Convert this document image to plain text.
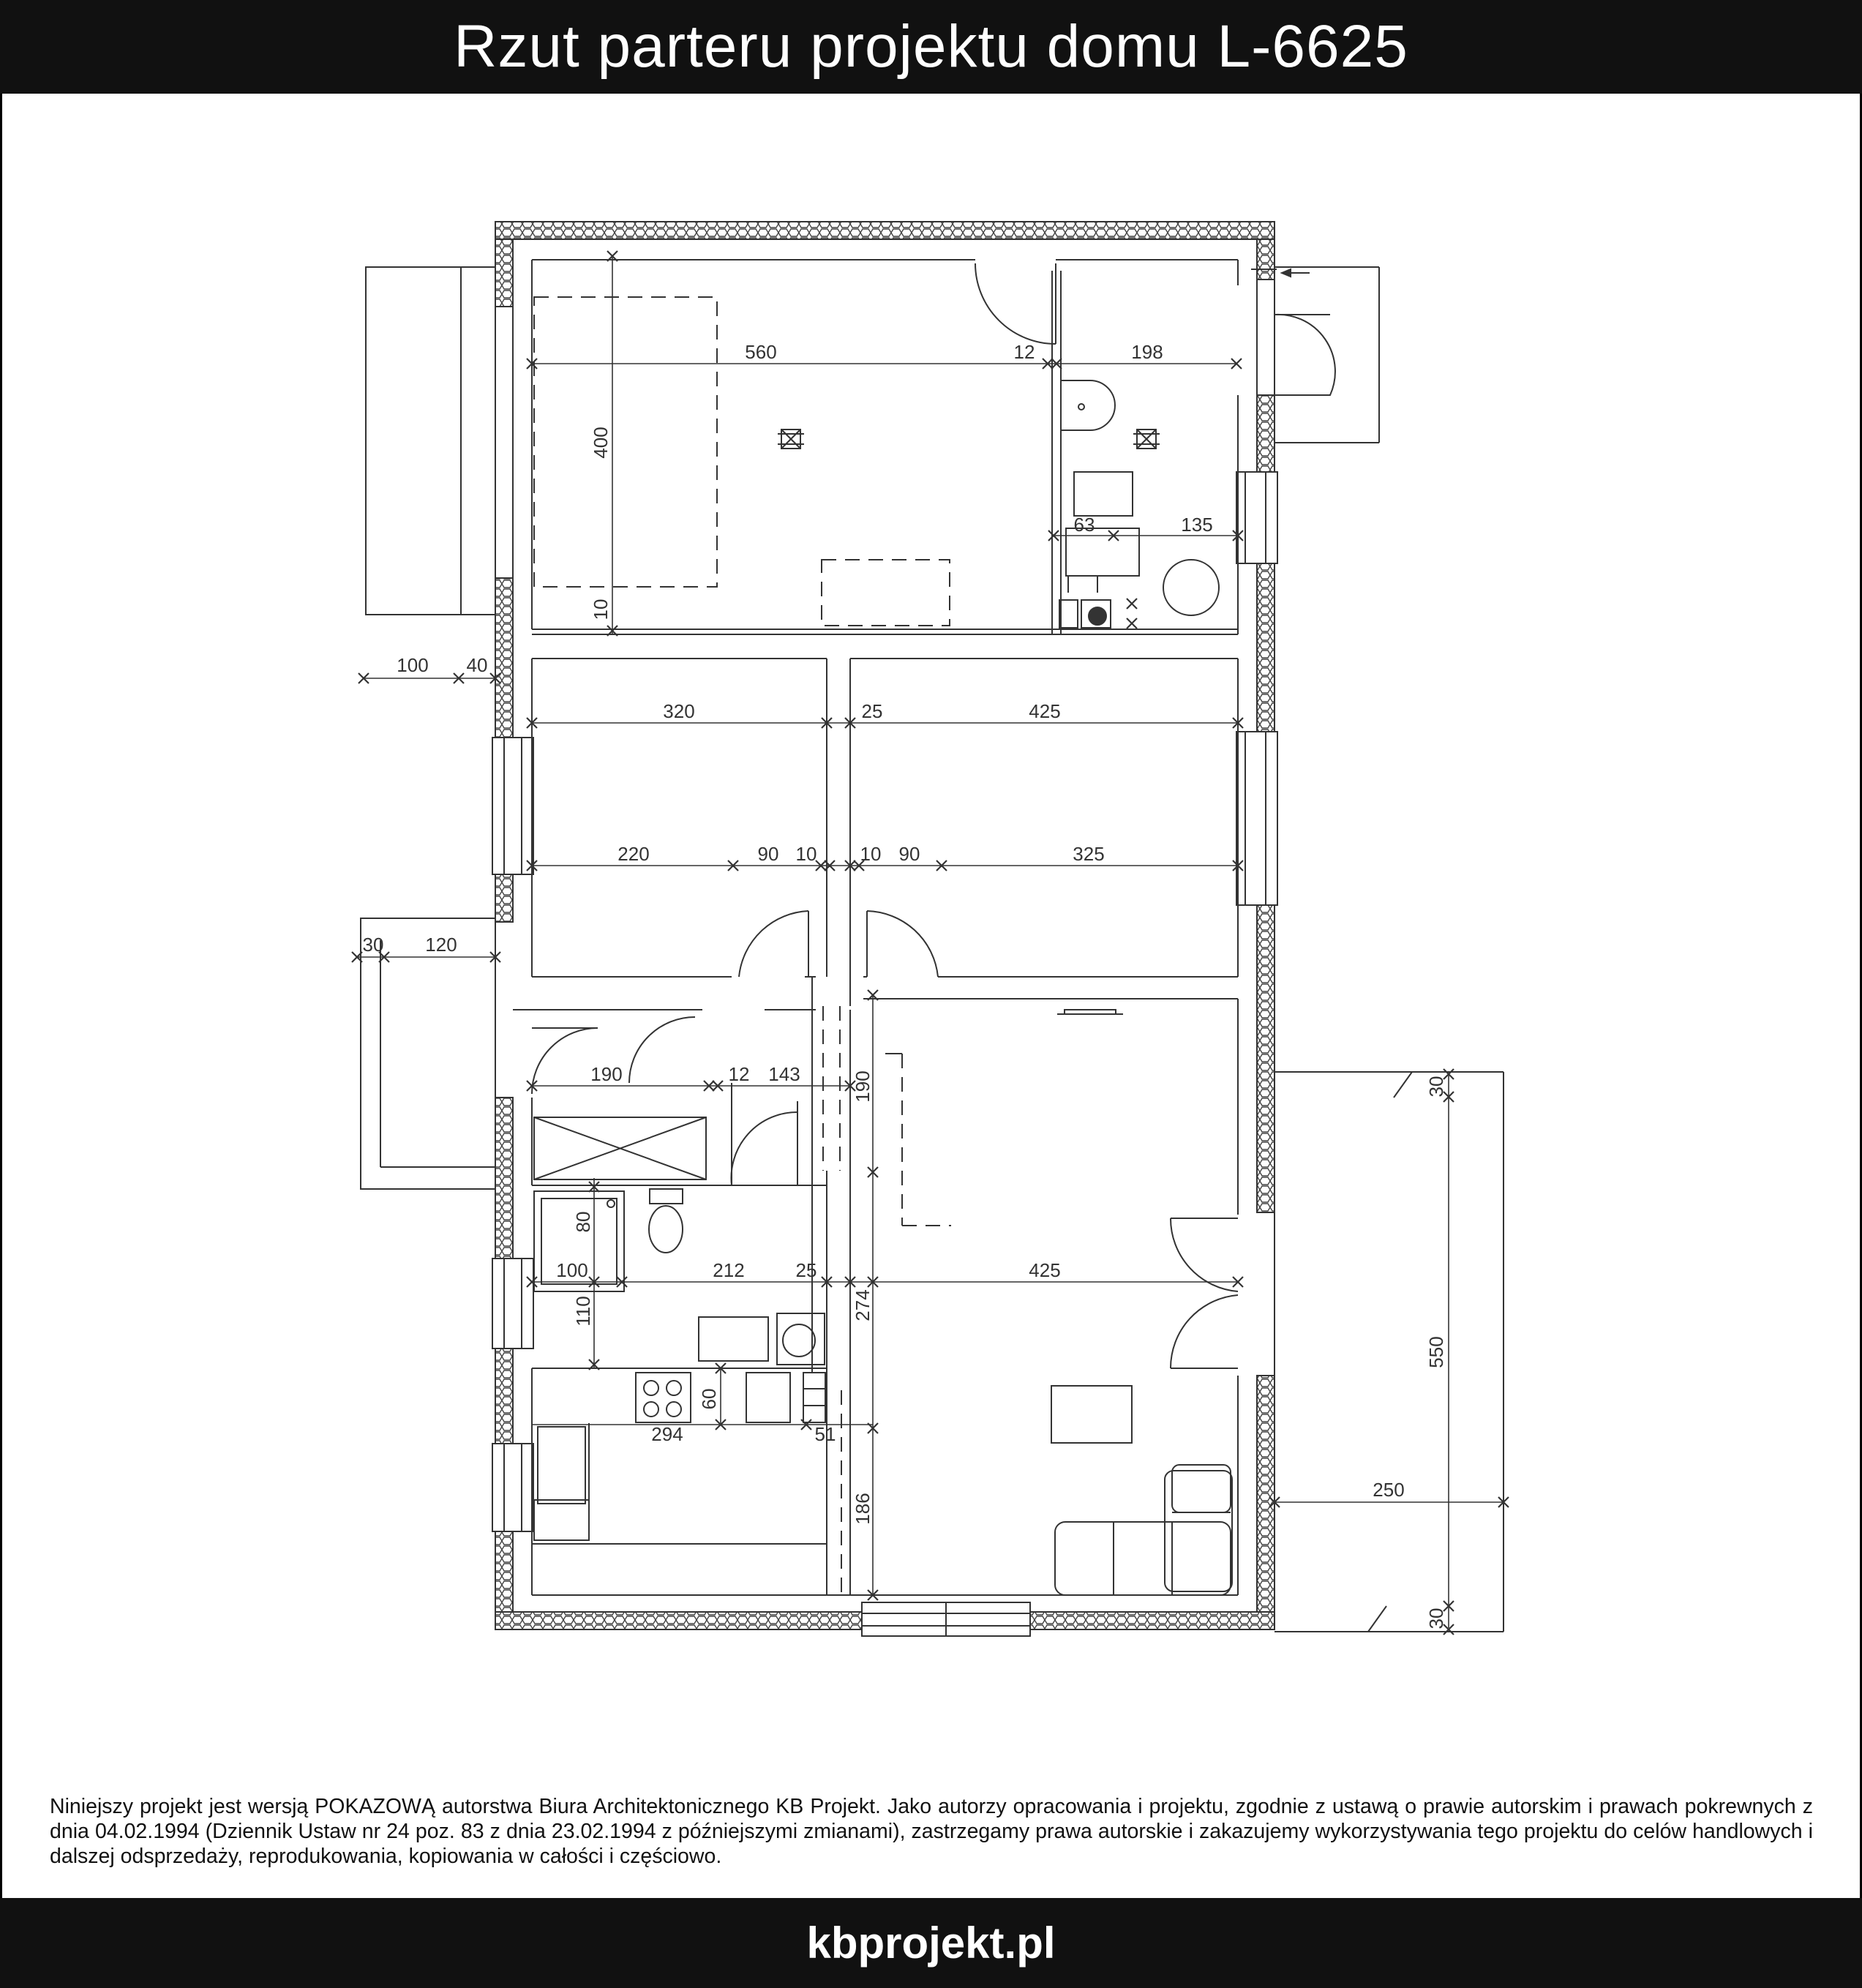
Rzut parteru projektu domu L-6625
560	12	198
400
10
63	135
100 40
320	25	425
220	90 10 10 90	325
30 120
190	12 143	190
80
100	212	25	425
110	274
60
294	51
186
30
550
250
30
Niniejszy projekt jest wersją POKAZOWĄ autorstwa Biura Architektonicznego KB Projekt. Jako autorzy opracowania i projektu, zgodnie z ustawą o prawie autorskim i prawach pokrewnych z dnia 04.02.1994 (Dziennik Ustaw nr 24 poz. 83 z dnia 23.02.1994 z późniejszymi zmianami), zastrzegamy prawa autorskie i zakazujemy wykorzystywania tego projektu do celów handlowych i dalszej odsprzedaży, reprodukowania, kopiowania w całości i częściowo.
kbprojekt.pl
